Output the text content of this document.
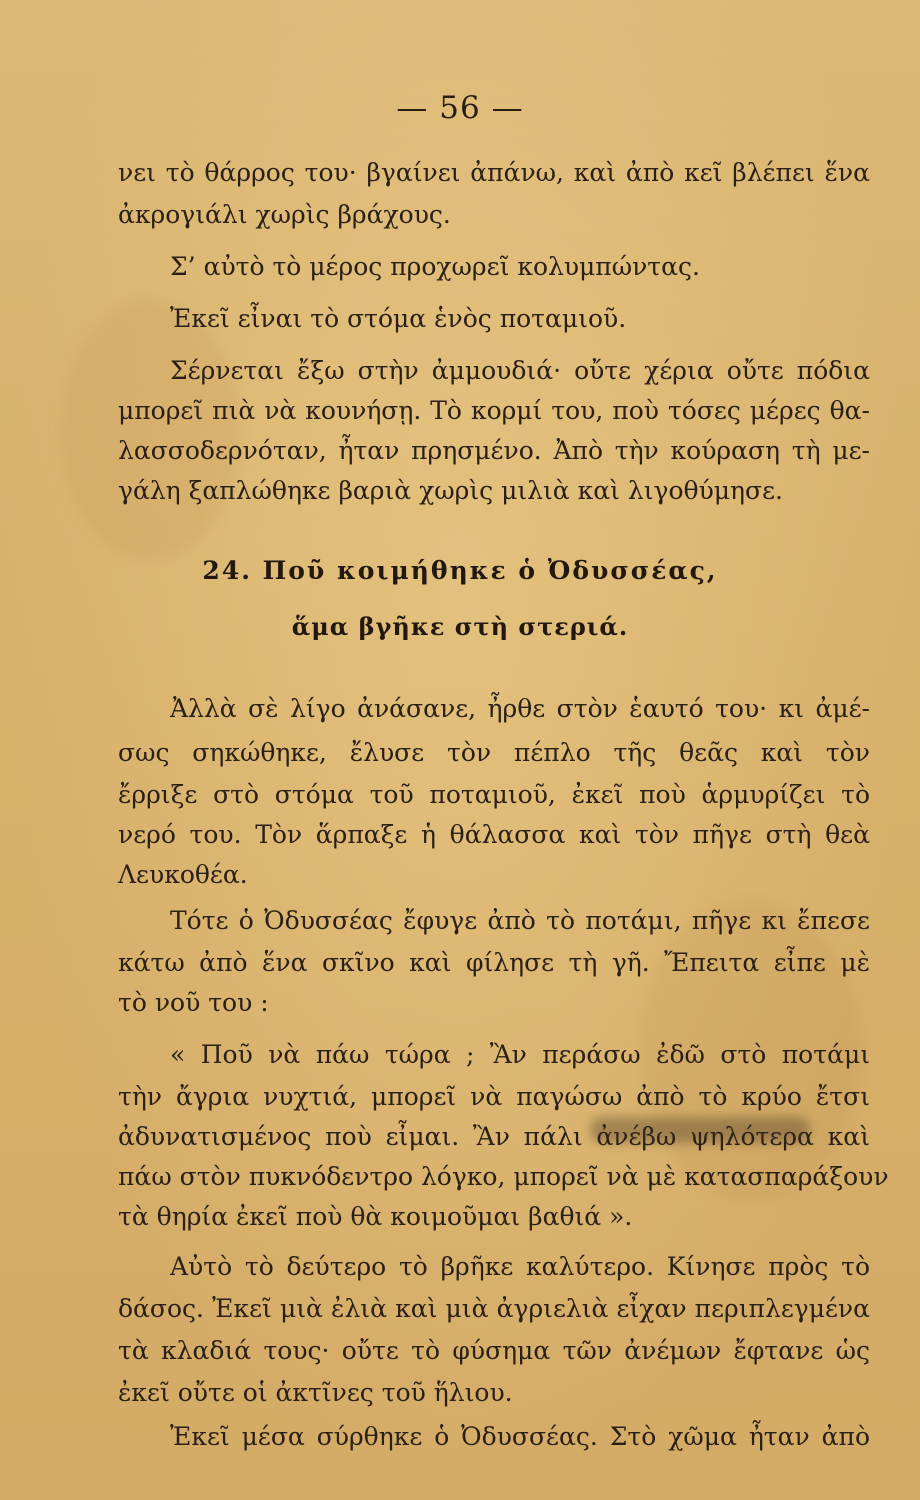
— 56 —
νει τὸ θάρρος του· βγαίνει ἀπάνω, καὶ ἀπὸ κεῖ βλέπει ἕνα
ἀκρογιάλι χωρὶς βράχους.
Σ’ αὐτὸ τὸ μέρος προχωρεῖ κολυμπώντας.
Ἐκεῖ εἶναι τὸ στόμα ἑνὸς ποταμιοῦ.
Σέρνεται ἔξω στὴν ἀμμουδιά· οὔτε χέρια οὔτε πόδια
μπορεῖ πιὰ νὰ κουνήσῃ. Τὸ κορμί του, ποὺ τόσες μέρες θα-
λασσοδερνόταν, ἦταν πρησμένο. Ἀπὸ τὴν κούραση τὴ με-
γάλη ξαπλώθηκε βαριὰ χωρὶς μιλιὰ καὶ λιγοθύμησε.
24. Ποῦ κοιμήθηκε ὁ Ὀδυσσέας,
ἅμα βγῆκε στὴ στεριά.
Ἀλλὰ σὲ λίγο ἀνάσανε, ἦρθε στὸν ἑαυτό του· κι ἀμέ-
σως σηκώθηκε, ἔλυσε τὸν πέπλο τῆς θεᾶς καὶ τὸν
ἔρριξε στὸ στόμα τοῦ ποταμιοῦ, ἐκεῖ ποὺ ἁρμυρίζει τὸ
νερό του. Τὸν ἅρπαξε ἡ θάλασσα καὶ τὸν πῆγε στὴ θεὰ
Λευκοθέα.
Τότε ὁ Ὀδυσσέας ἔφυγε ἀπὸ τὸ ποτάμι, πῆγε κι ἔπεσε
κάτω ἀπὸ ἕνα σκῖνο καὶ φίλησε τὴ γῆ. Ἔπειτα εἶπε μὲ
τὸ νοῦ του :
« Ποῦ νὰ πάω τώρα ; Ἂν περάσω ἐδῶ στὸ ποτάμι
τὴν ἄγρια νυχτιά, μπορεῖ νὰ παγώσω ἀπὸ τὸ κρύο ἔτσι
ἀδυνατισμένος ποὺ εἶμαι. Ἂν πάλι ἀνέβω ψηλότερα καὶ
πάω στὸν πυκνόδεντρο λόγκο, μπορεῖ νὰ μὲ κατασπαράξουν
τὰ θηρία ἐκεῖ ποὺ θὰ κοιμοῦμαι βαθιά ».
Αὐτὸ τὸ δεύτερο τὸ βρῆκε καλύτερο. Κίνησε πρὸς τὸ
δάσος. Ἐκεῖ μιὰ ἐλιὰ καὶ μιὰ ἀγριελιὰ εἶχαν περιπλεγμένα
τὰ κλαδιά τους· οὔτε τὸ φύσημα τῶν ἀνέμων ἔφτανε ὡς
ἐκεῖ οὔτε οἱ ἀκτῖνες τοῦ ἥλιου.
Ἐκεῖ μέσα σύρθηκε ὁ Ὀδυσσέας. Στὸ χῶμα ἦταν ἀπὸ
